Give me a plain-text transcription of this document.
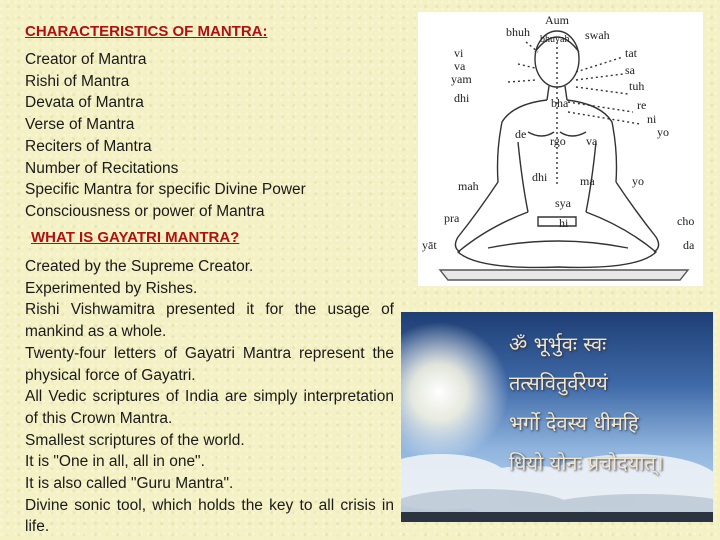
CHARACTERISTICS OF MANTRA:
Creator of Mantra
Rishi of Mantra
Devata of Mantra
Verse of Mantra
Reciters of Mantra
Number of Recitations
Specific Mantra for specific Divine Power
Consciousness or power of Mantra
WHAT IS GAYATRI MANTRA?
Created by the Supreme Creator.
Experimented by Rishes.
Rishi Vishwamitra presented it for the usage of mankind as a whole.
Twenty-four letters of Gayatri Mantra represent the physical force of Gayatri.
All Vedic scriptures of India are simply interpretation of this Crown Mantra.
Smallest scriptures of the world.
It is "One in all, all in one".
It is also called "Guru Mantra".
Divine sonic tool, which holds the key to all crisis in life.
Aum
bhuh
bhuvah swah
tat
vi
sa
va
yam	tuh
dhi	re
bha
ni
yo
de rgo va
dhi	ma	yo
mah
sya
hi
pra	cho
yāt	da
ॐ भूर्भुवः स्वः
तत्सवितुर्वरेण्यं
भर्गो देवस्य धीमहि
धियो योनः प्रचोदयात्।
